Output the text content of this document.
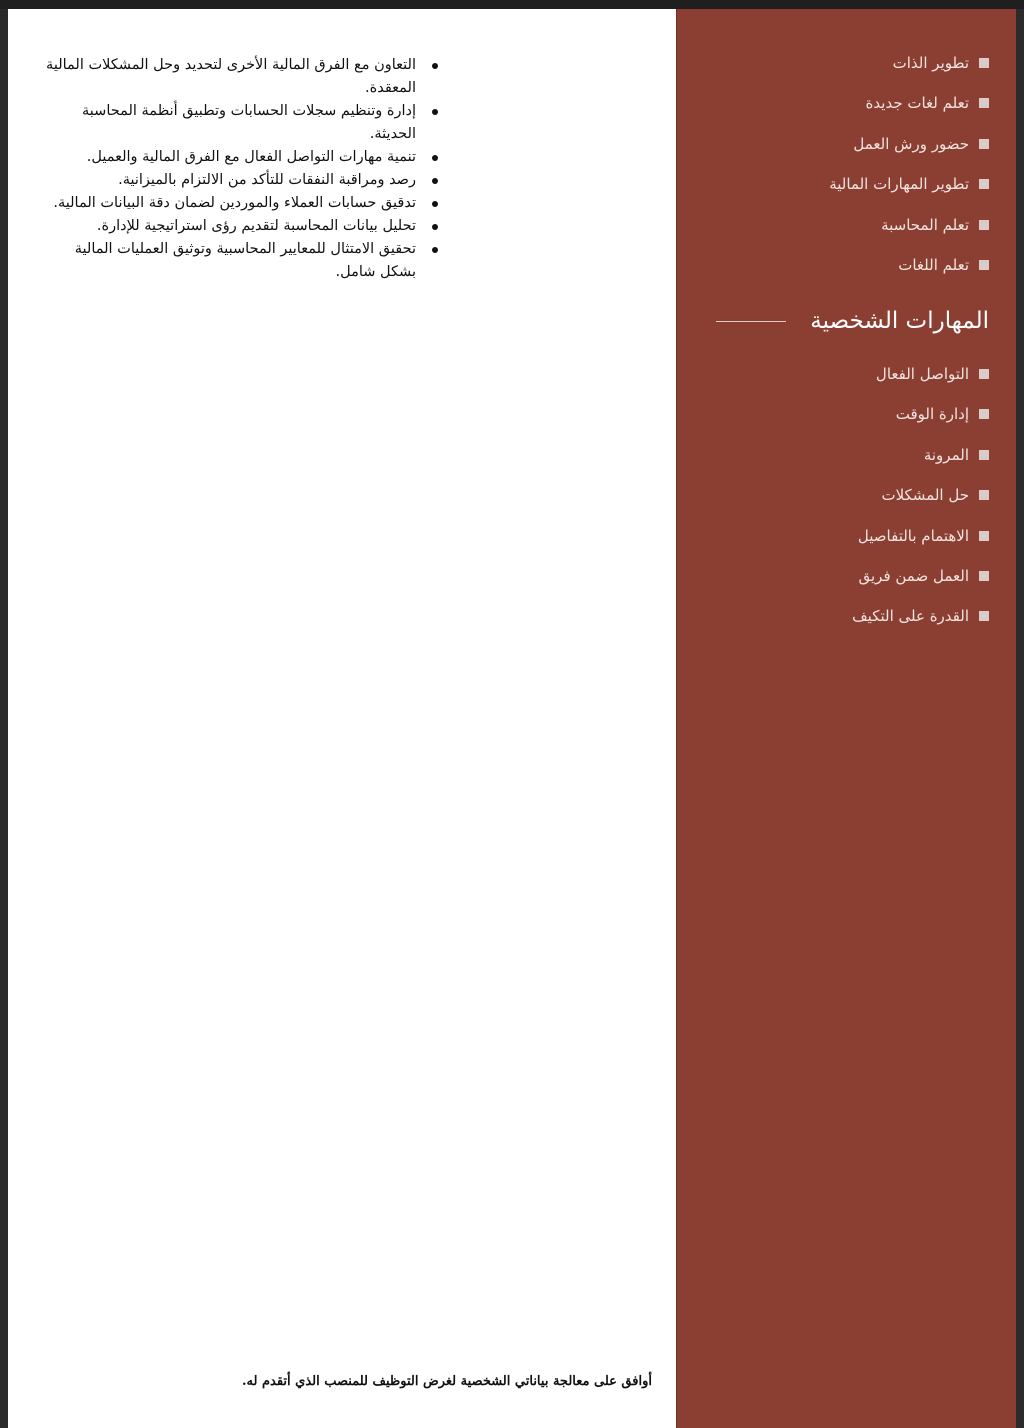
التعاون مع الفرق المالية الأخرى لتحديد وحل المشكلات المالية المعقدة.
إدارة وتنظيم سجلات الحسابات وتطبيق أنظمة المحاسبة الحديثة.
تنمية مهارات التواصل الفعال مع الفرق المالية والعميل.
رصد ومراقبة النفقات للتأكد من الالتزام بالميزانية.
تدقيق حسابات العملاء والموردين لضمان دقة البيانات المالية.
تحليل بيانات المحاسبة لتقديم رؤى استراتيجية للإدارة.
تحقيق الامتثال للمعايير المحاسبية وتوثيق العمليات المالية بشكل شامل.
أوافق على معالجة بياناتي الشخصية لغرض التوظيف للمنصب الذي أتقدم له.
تطوير الذات
تعلم لغات جديدة
حضور ورش العمل
تطوير المهارات المالية
تعلم المحاسبة
تعلم اللغات
المهارات الشخصية
التواصل الفعال
إدارة الوقت
المرونة
حل المشكلات
الاهتمام بالتفاصيل
العمل ضمن فريق
القدرة على التكيف
